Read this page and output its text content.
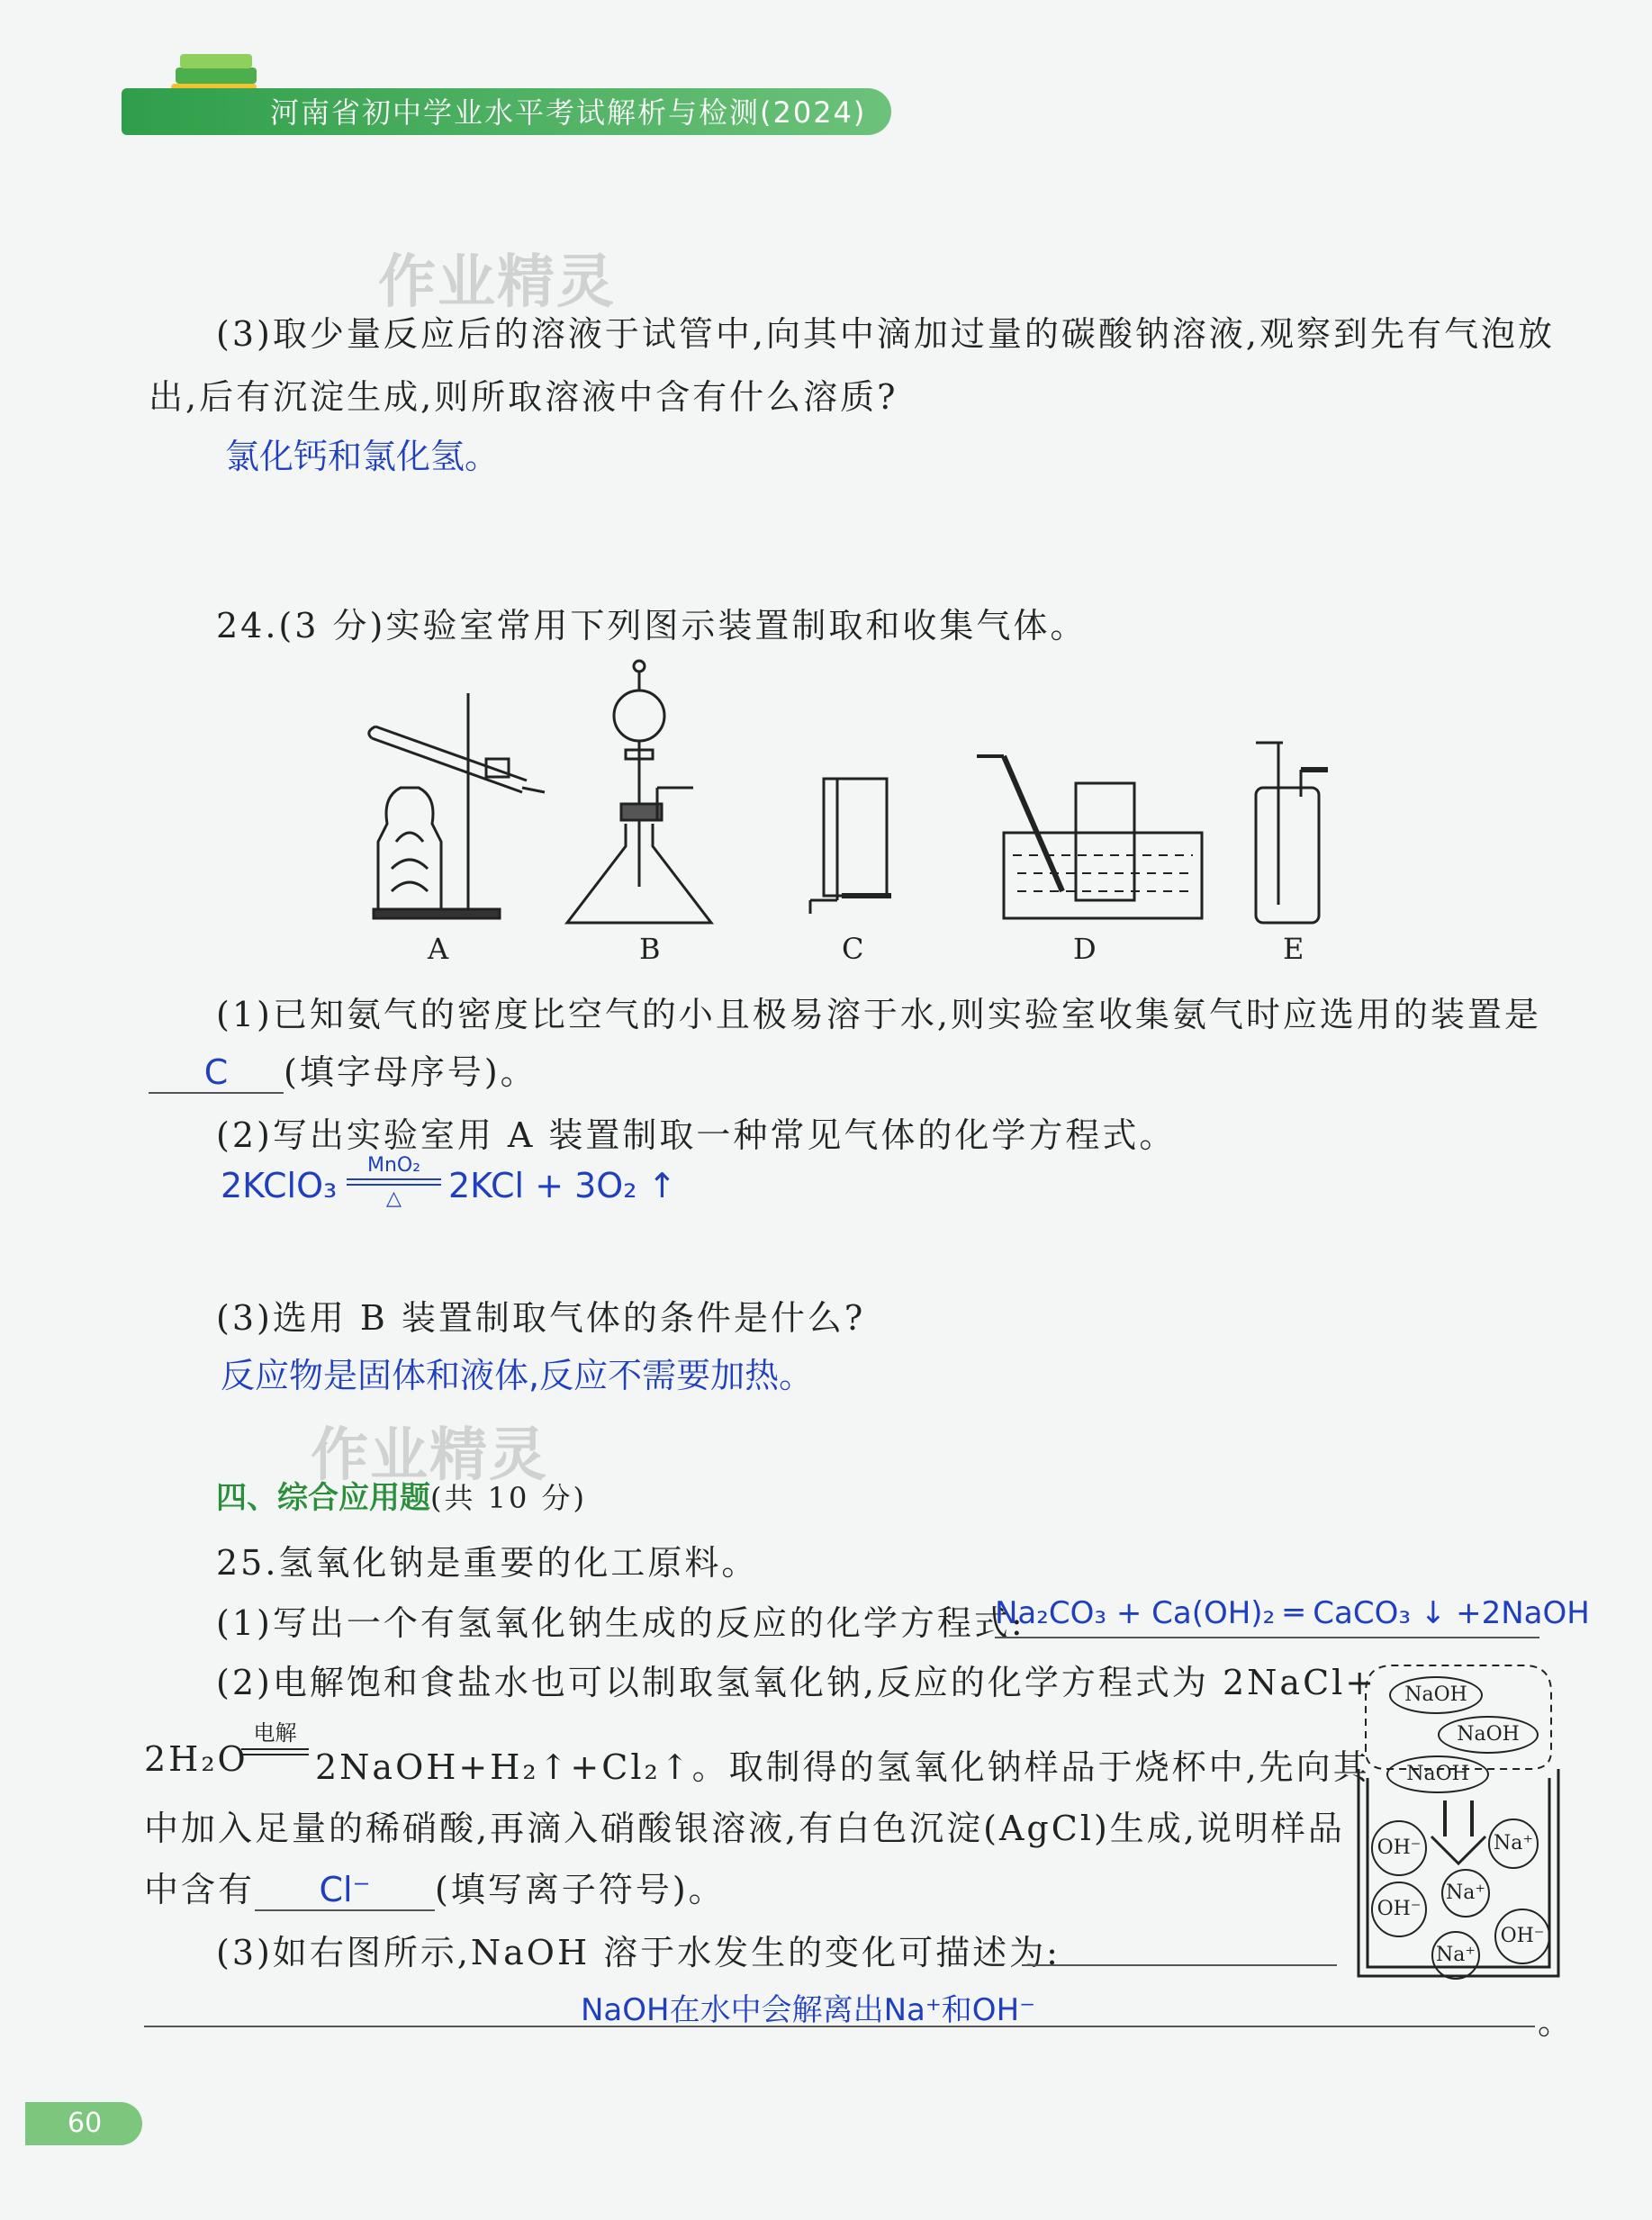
河南省初中学业水平考试解析与检测(2024)
作业精灵
作业精灵
(3)取少量反应后的溶液于试管中,向其中滴加过量的碳酸钠溶液,观察到先有气泡放
出,后有沉淀生成,则所取溶液中含有什么溶质?
氯化钙和氯化氢。
24.(3 分)实验室常用下列图示装置制取和收集气体。
A	B	C	D	E
(1)已知氨气的密度比空气的小且极易溶于水,则实验室收集氨气时应选用的装置是
C (填字母序号)。
(2)写出实验室用 A 装置制取一种常见气体的化学方程式。
2KClO₃
MnO₂
△	2KCl + 3O₂ ↑
(3)选用 B 装置制取气体的条件是什么?
反应物是固体和液体,反应不需要加热。
四、综合应用题(共 10 分)
25.氢氧化钠是重要的化工原料。
(1)写出一个有氢氧化钠生成的反应的化学方程式:
Na₂CO₃ + Ca(OH)₂ ═ CaCO₃ ↓ +2NaOH
(2)电解饱和食盐水也可以制取氢氧化钠,反应的化学方程式为 2NaCl+
2H₂O
电解
2NaOH+H₂↑+Cl₂↑。取制得的氢氧化钠样品于烧杯中,先向其
中加入足量的稀硝酸,再滴入硝酸银溶液,有白色沉淀(AgCl)生成,说明样品
中含有 Cl⁻ (填写离子符号)。
(3)如右图所示,NaOH 溶于水发生的变化可描述为:
NaOH在水中会解离出Na⁺和OH⁻	。
NaOH
NaOH
NaOH
OH⁻	Na⁺
Na⁺
OH⁻
Na⁺
OH⁻
60
